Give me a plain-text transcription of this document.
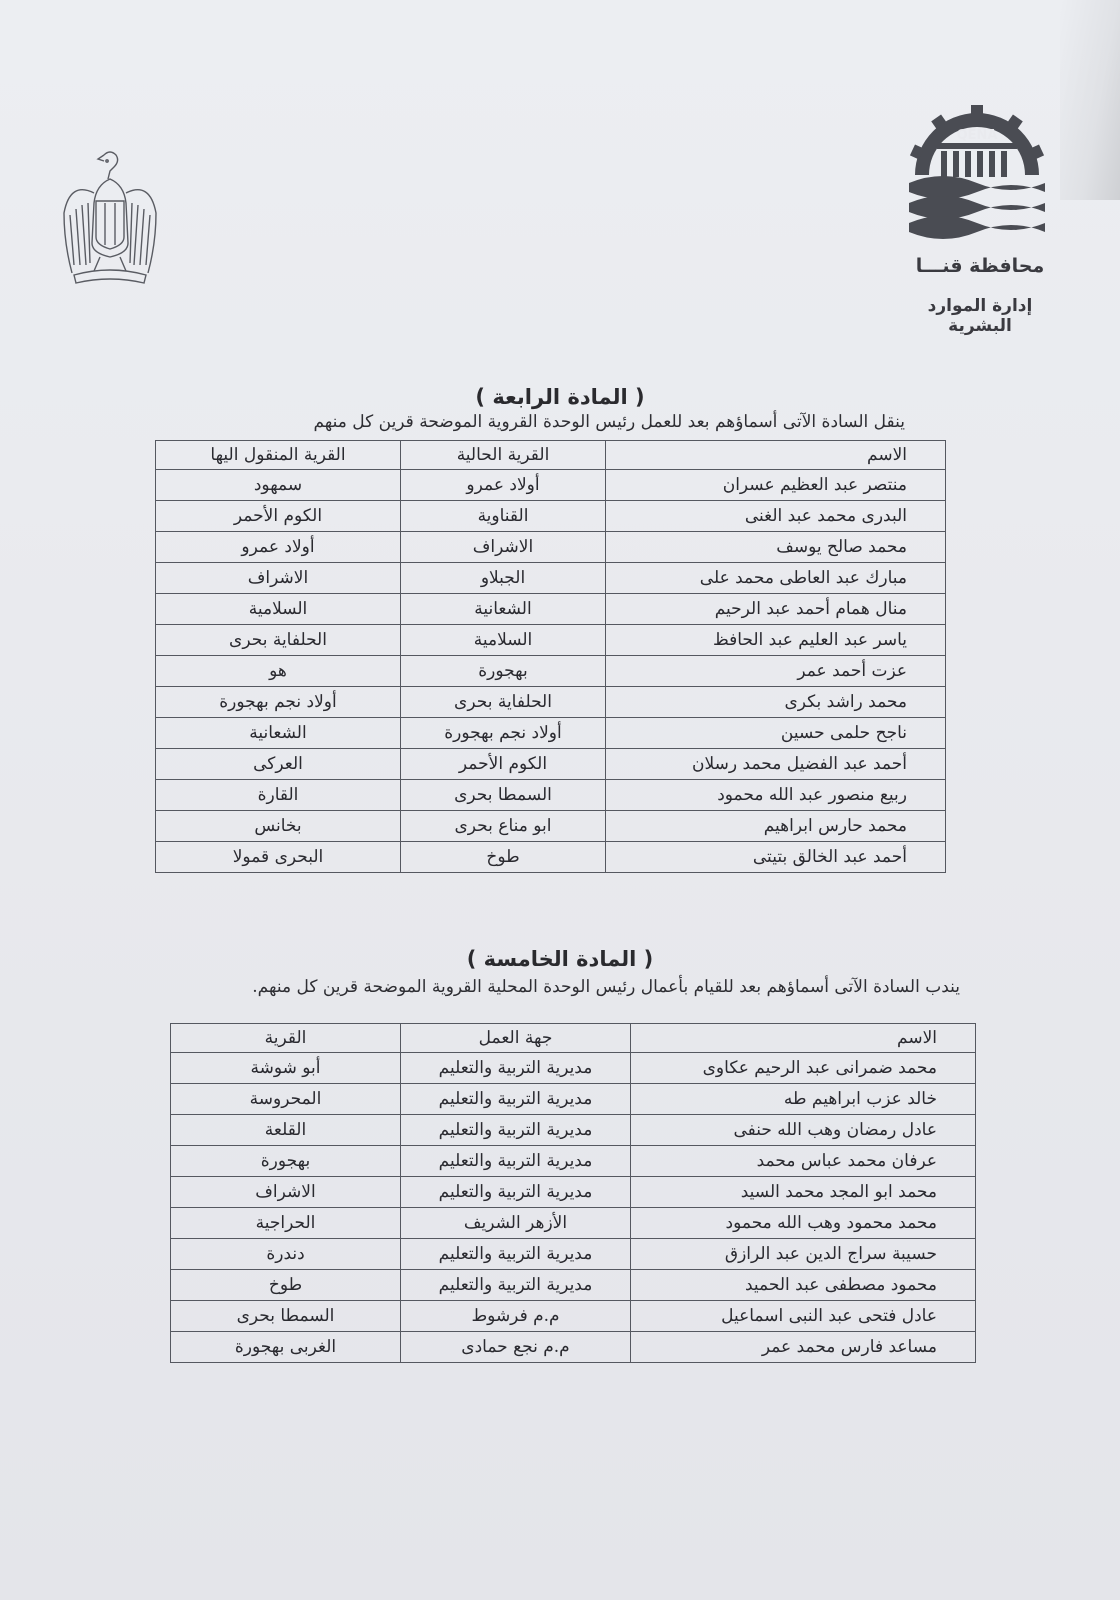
QENA
محافظة قنـــا
إدارة الموارد البشرية
( المادة الرابعة )
ينقل السادة الآتى أسماؤهم بعد للعمل رئيس الوحدة القروية الموضحة قرين كل منهم
الاسم	القرية الحالية	القرية المنقول اليها
منتصر عبد العظيم عسران	أولاد عمرو	سمهود
البدرى محمد عبد الغنى	القناوية	الكوم الأحمر
محمد صالح يوسف	الاشراف	أولاد عمرو
مبارك عبد العاطى محمد على	الجبلاو	الاشراف
منال همام أحمد عبد الرحيم	الشعانية	السلامية
ياسر عبد العليم عبد الحافظ	السلامية	الحلفاية بحرى
عزت أحمد عمر	بهجورة	هو
محمد راشد بكرى	الحلفاية بحرى	أولاد نجم بهجورة
ناجح حلمى حسين	أولاد نجم بهجورة	الشعانية
أحمد عبد الفضيل محمد رسلان	الكوم الأحمر	العركى
ربيع منصور عبد الله محمود	السمطا بحرى	القارة
محمد حارس ابراهيم	ابو مناع بحرى	بخانس
أحمد عبد الخالق بتيتى	طوخ	البحرى قمولا
( المادة الخامسة )
يندب السادة الآتى أسماؤهم بعد للقيام بأعمال رئيس الوحدة المحلية القروية الموضحة قرين كل منهم.
الاسم	جهة العمل	القرية
محمد ضمرانى عبد الرحيم عكاوى	مديرية التربية والتعليم	أبو شوشة
خالد عزب ابراهيم طه	مديرية التربية والتعليم	المحروسة
عادل رمضان وهب الله حنفى	مديرية التربية والتعليم	القلعة
عرفان محمد عباس محمد	مديرية التربية والتعليم	بهجورة
محمد ابو المجد محمد السيد	مديرية التربية والتعليم	الاشراف
محمد محمود وهب الله محمود	الأزهر الشريف	الحراجية
حسيبة سراج الدين عبد الرازق	مديرية التربية والتعليم	دندرة
محمود مصطفى عبد الحميد	مديرية التربية والتعليم	طوخ
عادل فتحى عبد النبى اسماعيل	م.م فرشوط	السمطا بحرى
مساعد فارس محمد عمر	م.م نجع حمادى	الغربى بهجورة
